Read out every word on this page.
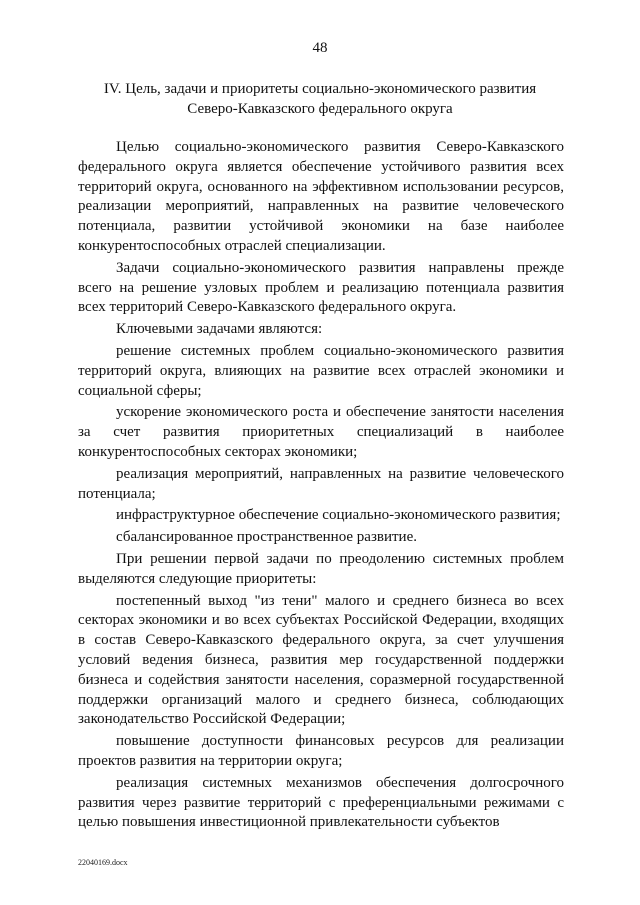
48
IV. Цель, задачи и приоритеты социально-экономического развития
Северо-Кавказского федерального округа

Целью социально-экономического развития Северо-Кавказского федерального округа является обеспечение устойчивого развития всех территорий округа, основанного на эффективном использовании ресурсов, реализации мероприятий, направленных на развитие человеческого потенциала, развитии устойчивой экономики на базе наиболее конкурентоспособных отраслей специализации.

Задачи социально-экономического развития направлены прежде всего на решение узловых проблем и реализацию потенциала развития всех территорий Северо-Кавказского федерального округа.

Ключевыми задачами являются:

решение системных проблем социально-экономического развития территорий округа, влияющих на развитие всех отраслей экономики и социальной сферы;

ускорение экономического роста и обеспечение занятости населения за счет развития приоритетных специализаций в наиболее конкурентоспособных секторах экономики;

реализация мероприятий, направленных на развитие человеческого потенциала;

инфраструктурное обеспечение социально-экономического развития;

сбалансированное пространственное развитие.

При решении первой задачи по преодолению системных проблем выделяются следующие приоритеты:

постепенный выход "из тени" малого и среднего бизнеса во всех секторах экономики и во всех субъектах Российской Федерации, входящих в состав Северо-Кавказского федерального округа, за счет улучшения условий ведения бизнеса, развития мер государственной поддержки бизнеса и содействия занятости населения, соразмерной государственной поддержки организаций малого и среднего бизнеса, соблюдающих законодательство Российской Федерации;

повышение доступности финансовых ресурсов для реализации проектов развития на территории округа;

реализация системных механизмов обеспечения долгосрочного развития через развитие территорий с преференциальными режимами с целью повышения инвестиционной привлекательности субъектов

22040169.docx
